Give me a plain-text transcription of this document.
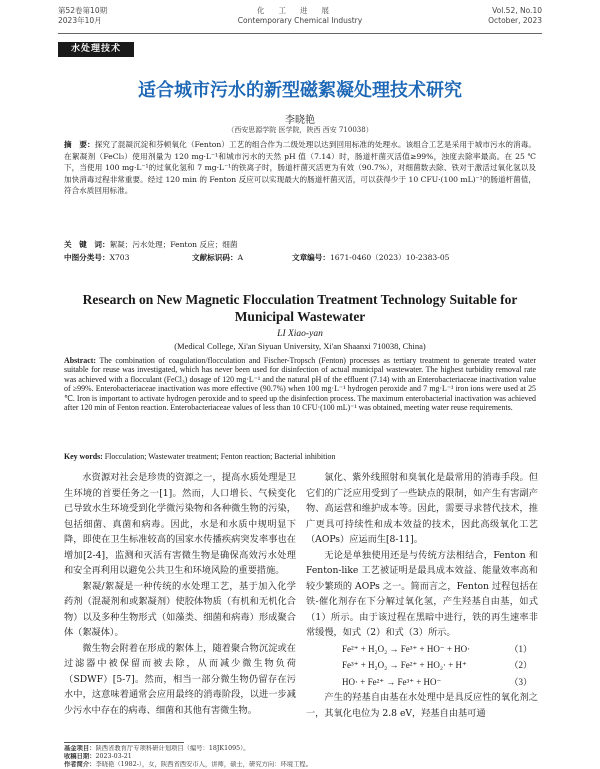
第52卷第10期
2023年10月
化工进展
Contemporary Chemical Industry
Vol.52, No.10
October, 2023
水处理技术
适合城市污水的新型磁絮凝处理技术研究
李晓艳
（西安思源学院 医学院，陕西 西安 710038）
摘　要：探究了混凝沉淀和芬顿氧化（Fenton）工艺的组合作为二级处理以达到回用标准的处理水。该组合工艺是采用于城市污水的消毒。在絮凝剂（FeCl₃）使用剂量为 120 mg·L⁻¹和城市污水的天然 pH 值（7.14）时，肠道杆菌灭活值≥99%，浊度去除率最高。在 25 ℃下，当使用 100 mg·L⁻¹的过氧化氢和 7 mg·L⁻¹的铁离子时，肠道杆菌灭活更为有效（90.7%），对细菌数去除、铁对于激活过氧化氢以及加快消毒过程非常重要。经过 120 min 的 Fenton 反应可以实现最大的肠道杆菌灭活，可以获得少于 10 CFU·(100 mL)⁻¹的肠道杆菌值，符合水质回用标准。
关　键　词：絮凝；污水处理；Fenton 反应；细菌
中图分类号：X703	文献标识码：A	文章编号：1671-0460（2023）10-2383-05
Research on New Magnetic Flocculation Treatment Technology Suitable for Municipal Wastewater
LI Xiao-yan
(Medical College, Xi'an Siyuan University, Xi'an Shaanxi 710038, China)
Abstract: The combination of coagulation/flocculation and Fischer-Tropsch (Fenton) processes as tertiary treatment to generate treated water suitable for reuse was investigated, which has never been used for disinfection of actual municipal wastewater. The highest turbidity removal rate was achieved with a flocculant (FeCl₃) dosage of 120 mg·L⁻¹ and the natural pH of the effluent (7.14) with an Enterobacteriaceae inactivation value of ≥99%. Enterobacteriaceae inactivation was more effective (90.7%) when 100 mg·L⁻¹ hydrogen peroxide and 7 mg·L⁻¹ iron ions were used at 25 ℃. Iron is important to activate hydrogen peroxide and to speed up the disinfection process. The maximum enterobacterial inactivation was achieved after 120 min of Fenton reaction. Enterobacteriaceae values of less than 10 CFU·(100 mL)⁻¹ was obtained, meeting water reuse requirements.
Key words: Flocculation; Wastewater treatment; Fenton reaction; Bacterial inhibition

水资源对社会是珍贵的资源之一，提高水质处理是卫生环境的首要任务之一[1]。然而，人口增长、气候变化已导致水生环境受到化学微污染物和各种微生物的污染，包括细菌、真菌和病毒。因此，水是和水质中规明显下降，即使在卫生标准较高的国家水传播疾病突发率事也在增加[2-4]，监测和灭活有害微生物是确保高效污水处理和安全再利用以避免公共卫生和环境风险的重要措施。

絮凝/絮凝是一种传统的水处理工艺，基于加入化学药剂（混凝剂和或絮凝剂）使胶体物质（有机和无机化合物）以及多种生物形式（如藻类、细菌和病毒）形成聚合体（絮凝体）。

微生物会附着在形成的絮体上，随着聚合物沉淀或在过滤器中被保留而被去除，从而减少微生物负荷（SDWF）[5-7]。然而，相当一部分微生物仍留存在污水中，这意味着通常会应用最终的消毒阶段，以进一步减少污水中存在的病毒、细菌和其他有害微生物。

氯化、紫外线照射和臭氧化是最常用的消毒手段。但它们的广泛应用受到了一些缺点的限制，如产生有害副产物、高运营和维护成本等。因此，需要寻求替代技术，推广更具可持续性和成本效益的技术，因此高级氧化工艺（AOPs）应运而生[8-11]。

无论是单独使用还是与传统方法相结合，Fenton 和 Fenton-like 工艺被证明是最具成本效益、能量效率高和较少繁琐的 AOPs 之一。简而言之，Fenton 过程包括在铁-催化剂存在下分解过氧化氢，产生羟基自由基，如式（1）所示。由于该过程在黑暗中进行，铁的再生速率非常缓慢，如式（2）和式（3）所示。

Fe²⁺ + H₂O₂ → Fe³⁺ + HO⁻ + HO·	（1）
Fe³⁺ + H₂O₂ → Fe²⁺ + HO₂· + H⁺	（2）
HO· + Fe²⁺ → Fe³⁺ + HO⁻	（3）

产生的羟基自由基在水处理中是具反应性的氧化剂之一，其氧化电位为 2.8 eV，羟基自由基可通

基金项目：陕西省教育厅专项科研计划项目（编号：18JK1095）。
收稿日期：2023-03-21
作者简介：李晓艳（1982-），女，陕西省西安市人，讲师，硕士，研究方向：环境工程。
